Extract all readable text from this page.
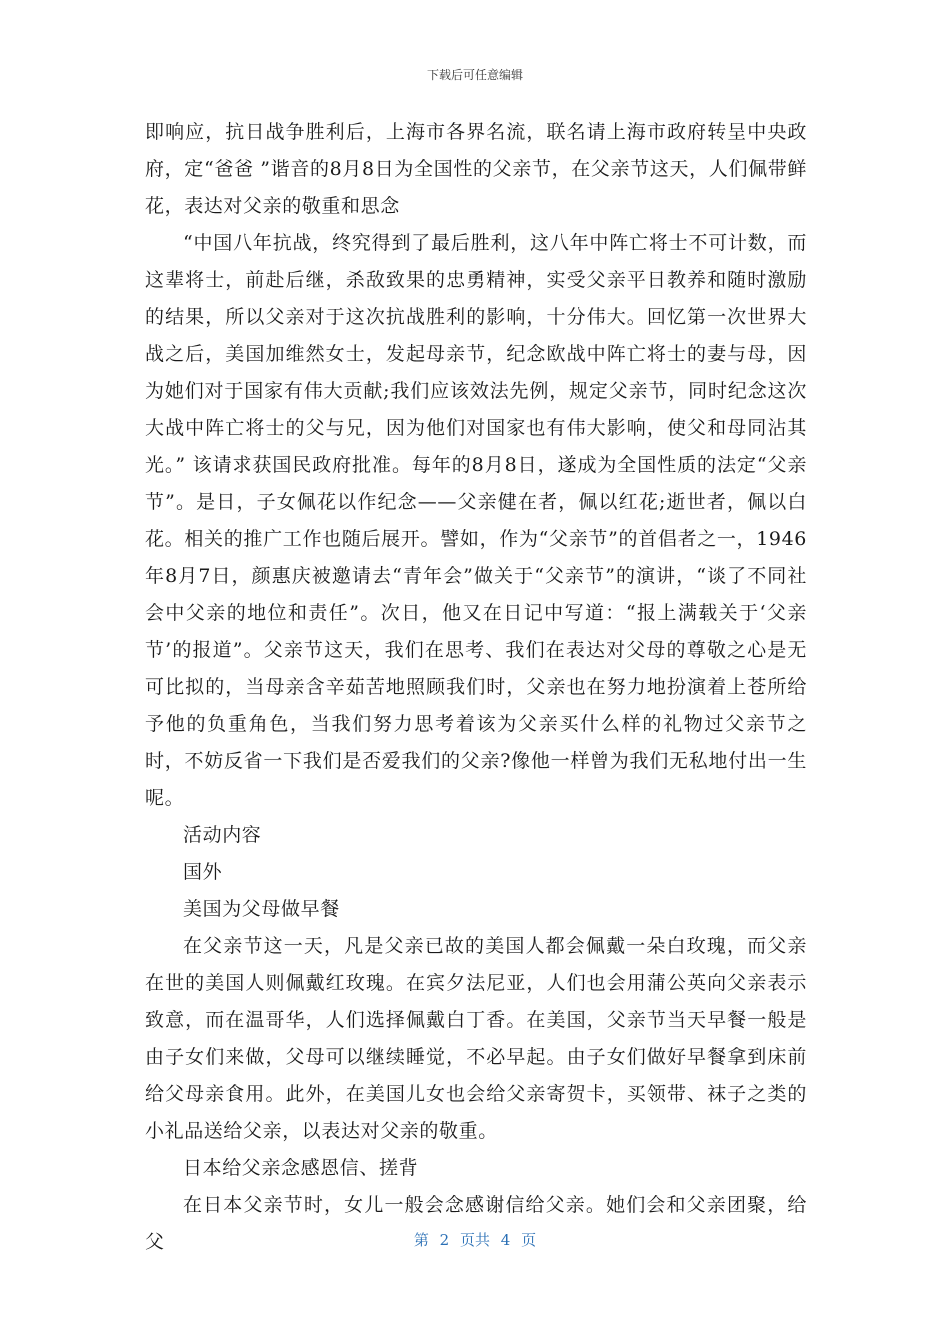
下载后可任意编辑

即响应，抗日战争胜利后，上海市各界名流，联名请上海市政府转呈中央政府，定“爸爸 ”谐音的8月8日为全国性的父亲节，在父亲节这天，人们佩带鲜花，表达对父亲的敬重和思念

“中国八年抗战，终究得到了最后胜利，这八年中阵亡将士不可计数，而这辈将士，前赴后继，杀敌致果的忠勇精神，实受父亲平日教养和随时激励的结果，所以父亲对于这次抗战胜利的影响，十分伟大。回忆第一次世界大战之后，美国加维然女士，发起母亲节，纪念欧战中阵亡将士的妻与母，因为她们对于国家有伟大贡献;我们应该效法先例，规定父亲节，同时纪念这次大战中阵亡将士的父与兄，因为他们对国家也有伟大影响，使父和母同沾其光。” 该请求获国民政府批准。每年的8月8日，遂成为全国性质的法定“父亲节”。是日，子女佩花以作纪念——父亲健在者，佩以红花;逝世者，佩以白花。相关的推广工作也随后展开。譬如，作为“父亲节”的首倡者之一，1946年8月7日，颜惠庆被邀请去“青年会”做关于“父亲节”的演讲，“谈了不同社会中父亲的地位和责任”。次日，他又在日记中写道：“报上满载关于‘父亲节’的报道”。父亲节这天，我们在思考、我们在表达对父母的尊敬之心是无可比拟的，当母亲含辛茹苦地照顾我们时，父亲也在努力地扮演着上苍所给予他的负重角色，当我们努力思考着该为父亲买什么样的礼物过父亲节之时，不妨反省一下我们是否爱我们的父亲?像他一样曾为我们无私地付出一生呢。

活动内容

国外

美国为父母做早餐

在父亲节这一天，凡是父亲已故的美国人都会佩戴一朵白玫瑰，而父亲在世的美国人则佩戴红玫瑰。在宾夕法尼亚，人们也会用蒲公英向父亲表示致意，而在温哥华，人们选择佩戴白丁香。在美国，父亲节当天早餐一般是由子女们来做，父母可以继续睡觉，不必早起。由子女们做好早餐拿到床前给父母亲食用。此外，在美国儿女也会给父亲寄贺卡，买领带、袜子之类的小礼品送给父亲，以表达对父亲的敬重。

日本给父亲念感恩信、搓背

在日本父亲节时，女儿一般会念感谢信给父亲。她们会和父亲团聚，给父	第 2 页共 4 页
